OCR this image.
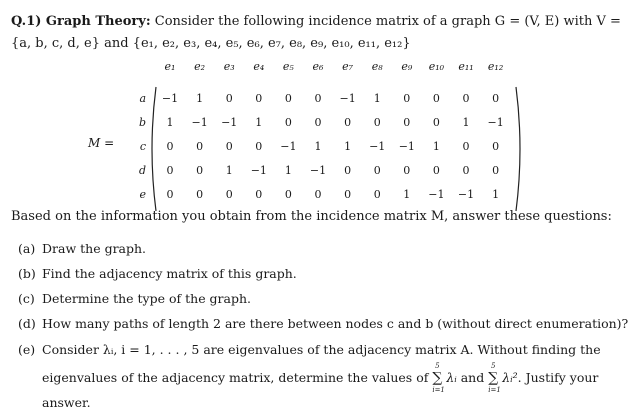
Q.1) Graph Theory: Consider the following incidence matrix of a graph G = (V, E) with V =
{a, b, c, d, e} and {e₁, e₂, e₃, e₄, e₅, e₆, e₇, e₈, e₉, e₁₀, e₁₁, e₁₂}
M =
e₁	e₂	e₃	e₄	e₅	e₆	e₇	e₈	e₉	e₁₀	e₁₁	e₁₂
a	−1	1	0	0	0	0	−1	1	0	0	0	0
b	1	−1	−1	1	0	0	0	0	0	0	1	−1
c	0	0	0	0	−1	1	1	−1	−1	1	0	0
d	0	0	1	−1	1	−1	0	0	0	0	0	0
e	0	0	0	0	0	0	0	0	1	−1	−1	1
Based on the information you obtain from the incidence matrix M, answer these questions:
(a) Draw the graph.
(b) Find the adjacency matrix of this graph.
(c) Determine the type of the graph.
(d) How many paths of length 2 are there between nodes c and b (without direct enumeration)?
(e) Consider λᵢ, i = 1, . . . , 5 are eigenvalues of the adjacency matrix A. Without finding the
eigenvalues of the adjacency matrix, determine the values of
5
∑
i=1
λᵢ and
5
∑
i=1
λᵢ². Justify your
answer.
